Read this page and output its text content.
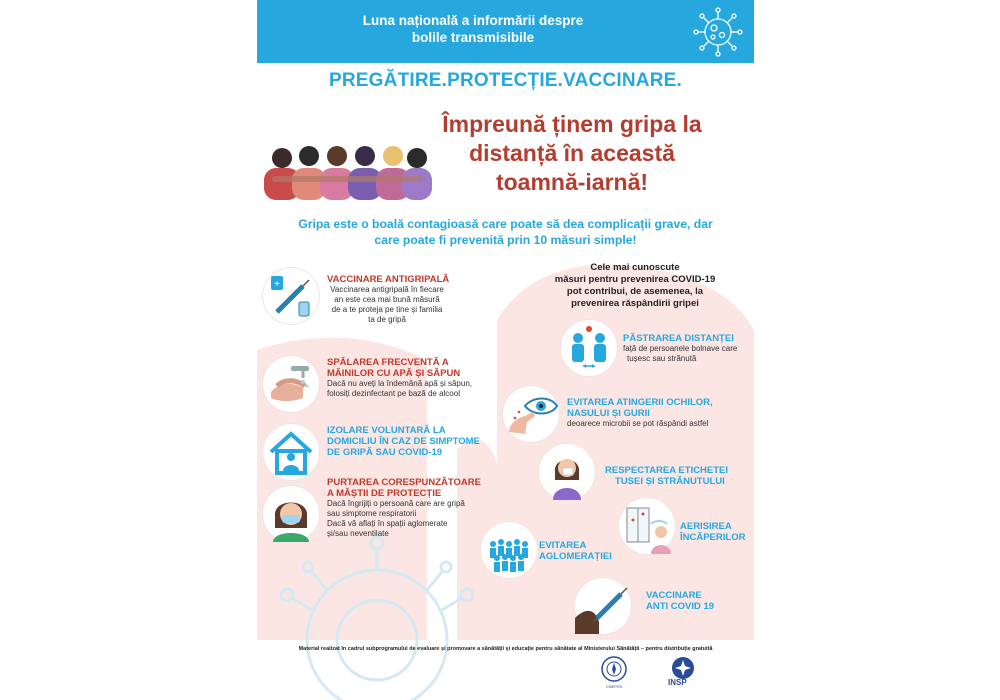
Luna națională a informării despre
bolile transmisibile
PREGĂTIRE.PROTECȚIE.VACCINARE.
Împreună ținem gripa la
distanță în această
toamnă-iarnă!
Gripa este o boală contagioasă care poate să dea complicații grave, dar
care poate fi prevenită prin 10 măsuri simple!
+	VACCINARE ANTIGRIPALĂ
Vaccinarea antigripală în fiecare
an este cea mai bună măsură
de a te proteja pe tine și familia
ta de gripă
SPĂLAREA FRECVENTĂ A
MÂINILOR CU APĂ ȘI SĂPUN
Dacă nu aveți la îndemână apă și săpun,
folosiți dezinfectant pe bază de alcool
IZOLARE VOLUNTARĂ LA
DOMICILIU ÎN CAZ DE SIMPTOME
DE GRIPĂ SAU COVID-19
PURTAREA CORESPUNZĂTOARE
A MĂȘTII DE PROTECȚIE
Dacă îngrijiți o persoană care are gripă
sau simptome respiratorii
Dacă vă aflați în spații aglomerate
și/sau neventilate
Cele mai cunoscute
măsuri pentru prevenirea COVID-19
pot contribui, de asemenea, la
prevenirea răspândirii gripei
PĂSTRAREA DISTANȚEI
față de persoanele bolnave care
tușesc sau strănută
EVITAREA ATINGERII OCHILOR,
NASULUI ȘI GURII
deoarece microbii se pot răspândi astfel
RESPECTAREA ETICHETEI
TUSEI ȘI STRĂNUTULUI
AERISIREA
ÎNCĂPERILOR
EVITAREA
AGLOMERAȚIEI
VACCINARE
ANTI COVID 19
Material realizat în cadrul subprogramului de evaluare și promovare a sănătății și educație pentru sănătate al Ministerului Sănătății – pentru distribuție gratuită
CNEPSS	INSP
